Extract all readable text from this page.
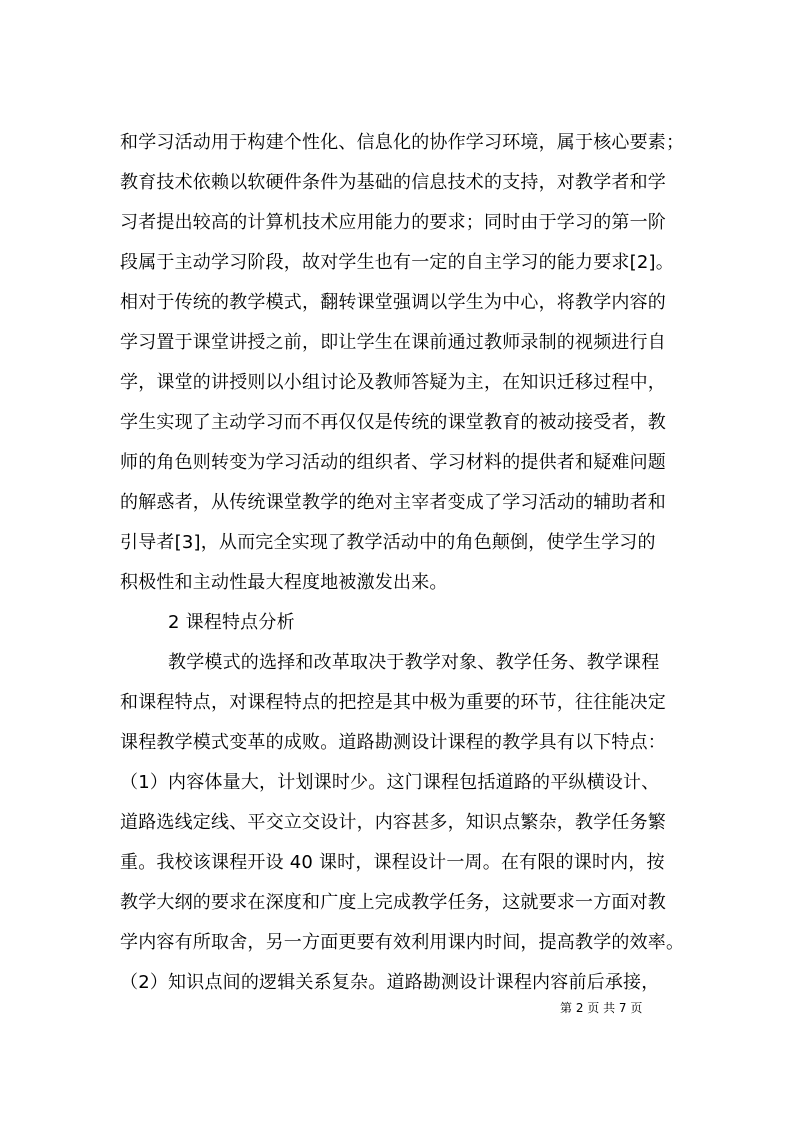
和学习活动用于构建个性化、信息化的协作学习环境，属于核心要素；
教育技术依赖以软硬件条件为基础的信息技术的支持，对教学者和学
习者提出较高的计算机技术应用能力的要求；同时由于学习的第一阶
段属于主动学习阶段，故对学生也有一定的自主学习的能力要求[2]。
相对于传统的教学模式，翻转课堂强调以学生为中心，将教学内容的
学习置于课堂讲授之前，即让学生在课前通过教师录制的视频进行自
学，课堂的讲授则以小组讨论及教师答疑为主，在知识迁移过程中，
学生实现了主动学习而不再仅仅是传统的课堂教育的被动接受者，教
师的角色则转变为学习活动的组织者、学习材料的提供者和疑难问题
的解惑者，从传统课堂教学的绝对主宰者变成了学习活动的辅助者和
引导者[3]，从而完全实现了教学活动中的角色颠倒，使学生学习的
积极性和主动性最大程度地被激发出来。
2 课程特点分析
教学模式的选择和改革取决于教学对象、教学任务、教学课程
和课程特点，对课程特点的把控是其中极为重要的环节，往往能决定
课程教学模式变革的成败。道路勘测设计课程的教学具有以下特点：
（1）内容体量大，计划课时少。这门课程包括道路的平纵横设计、
道路选线定线、平交立交设计，内容甚多，知识点繁杂，教学任务繁
重。我校该课程开设 40 课时，课程设计一周。在有限的课时内，按
教学大纲的要求在深度和广度上完成教学任务，这就要求一方面对教
学内容有所取舍，另一方面更要有效利用课内时间，提高教学的效率。
（2）知识点间的逻辑关系复杂。道路勘测设计课程内容前后承接，
第 2 页 共 7 页
